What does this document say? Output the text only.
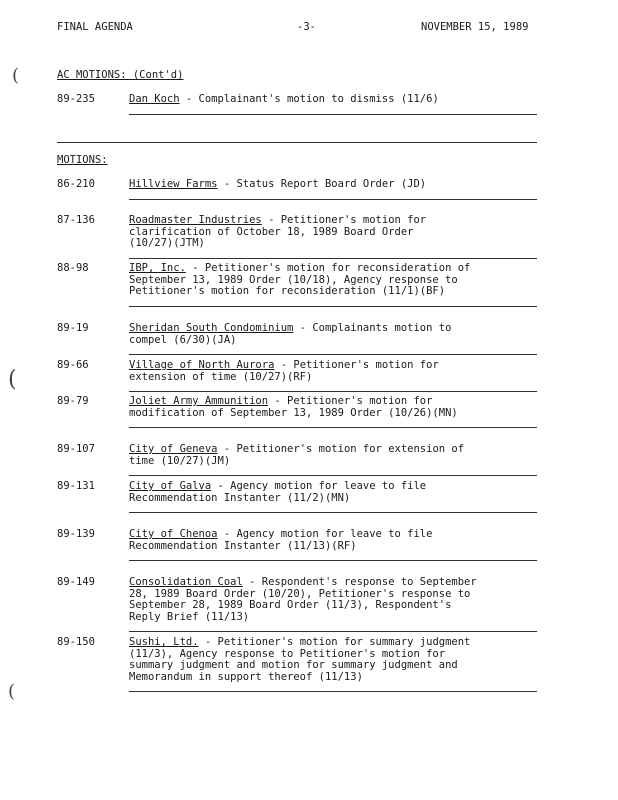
FINAL AGENDA	-3-	NOVEMBER 15, 1989
(
(
(
AC MOTIONS: (Cont'd)
89-235	Dan Koch - Complainant's motion to dismiss (11/6)
MOTIONS:
86-210	Hillview Farms - Status Report Board Order (JD)
87-136	Roadmaster Industries - Petitioner's motion for
clarification of October 18, 1989 Board Order
(10/27)(JTM)
88-98	IBP, Inc. - Petitioner's motion for reconsideration of
September 13, 1989 Order (10/18), Agency response to
Petitioner's motion for reconsideration (11/1)(BF)
89-19	Sheridan South Condominium - Complainants motion to
compel (6/30)(JA)
89-66	Village of North Aurora - Petitioner's motion for
extension of time (10/27)(RF)
89-79	Joliet Army Ammunition - Petitioner's motion for
modification of September 13, 1989 Order (10/26)(MN)
89-107	City of Geneva - Petitioner's motion for extension of
time (10/27)(JM)
89-131	City of Galva - Agency motion for leave to file
Recommendation Instanter (11/2)(MN)
89-139	City of Chenoa - Agency motion for leave to file
Recommendation Instanter (11/13)(RF)
89-149	Consolidation Coal - Respondent's response to September
28, 1989 Board Order (10/20), Petitioner's response to
September 28, 1989 Board Order (11/3), Respondent's
Reply Brief (11/13)
89-150	Sushi, Ltd. - Petitioner's motion for summary judgment
(11/3), Agency response to Petitioner's motion for
summary judgment and motion for summary judgment and
Memorandum in support thereof (11/13)
